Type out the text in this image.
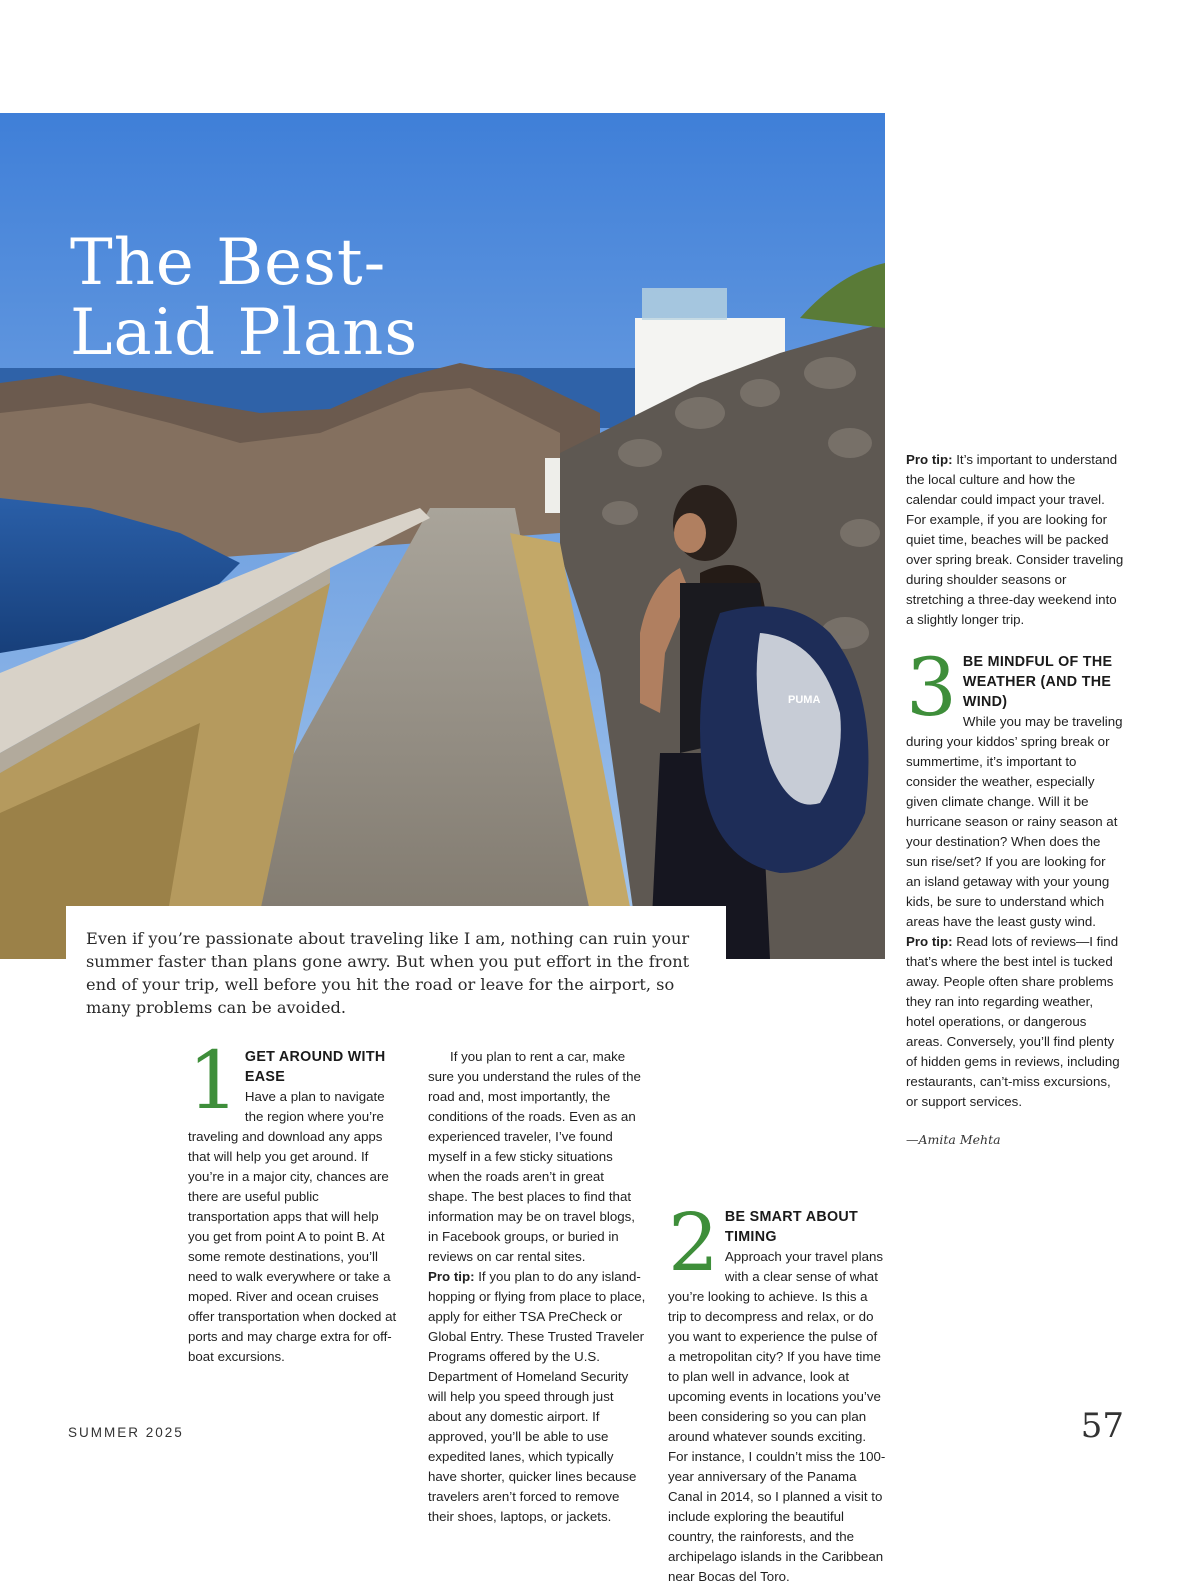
PUMA
The Best-
Laid Plans

Even if you’re passionate about traveling like I am, nothing can ruin your summer faster than plans gone awry. But when you put effort in the front end of your trip, well before you hit the road or leave for the airport, so many problems can be avoided.

1 GET AROUND WITH EASE

Have a plan to navigate the region where you’re traveling and download any apps that will help you get around. If you’re in a major city, chances are there are useful public transportation apps that will help you get from point A to point B. At some remote destinations, you’ll need to walk everywhere or take a moped. River and ocean cruises offer transportation when docked at ports and may charge extra for off-boat excursions.

If you plan to rent a car, make sure you understand the rules of the road and, most importantly, the conditions of the roads. Even as an experienced traveler, I’ve found myself in a few sticky situations when the roads aren’t in great shape. The best places to find that information may be on travel blogs, in Facebook groups, or buried in reviews on car rental sites.

Pro tip: If you plan to do any island-hopping or flying from place to place, apply for either TSA PreCheck or Global Entry. These Trusted Traveler Programs offered by the U.S. Department of Homeland Security will help you speed through just about any domestic airport. If approved, you’ll be able to use expedited lanes, which typically have shorter, quicker lines because travelers aren’t forced to remove their shoes, laptops, or jackets.

2 BE SMART ABOUT TIMING

Approach your travel plans with a clear sense of what you’re looking to achieve. Is this a trip to decompress and relax, or do you want to experience the pulse of a metropolitan city? If you have time to plan well in advance, look at upcoming events in locations you’ve been considering so you can plan around whatever sounds exciting. For instance, I couldn’t miss the 100-year anniversary of the Panama Canal in 2014, so I planned a visit to include exploring the beautiful country, the rainforests, and the archipelago islands in the Caribbean near Bocas del Toro.

Pro tip: It’s important to understand the local culture and how the calendar could impact your travel. For example, if you are looking for quiet time, beaches will be packed over spring break. Consider traveling during shoulder seasons or stretching a three-day weekend into a slightly longer trip.

3 BE MINDFUL OF THE WEATHER (AND THE WIND)

While you may be traveling during your kiddos’ spring break or summertime, it’s important to consider the weather, especially given climate change. Will it be hurricane season or rainy season at your destination? When does the sun rise/set? If you are looking for an island getaway with your young kids, be sure to understand which areas have the least gusty wind.

Pro tip: Read lots of reviews—I find that’s where the best intel is tucked away. People often share problems they ran into regarding weather, hotel operations, or dangerous areas. Conversely, you’ll find plenty of hidden gems in reviews, including restaurants, can’t-miss excursions, or support services.

—Amita Mehta

SUMMER 2025	57
